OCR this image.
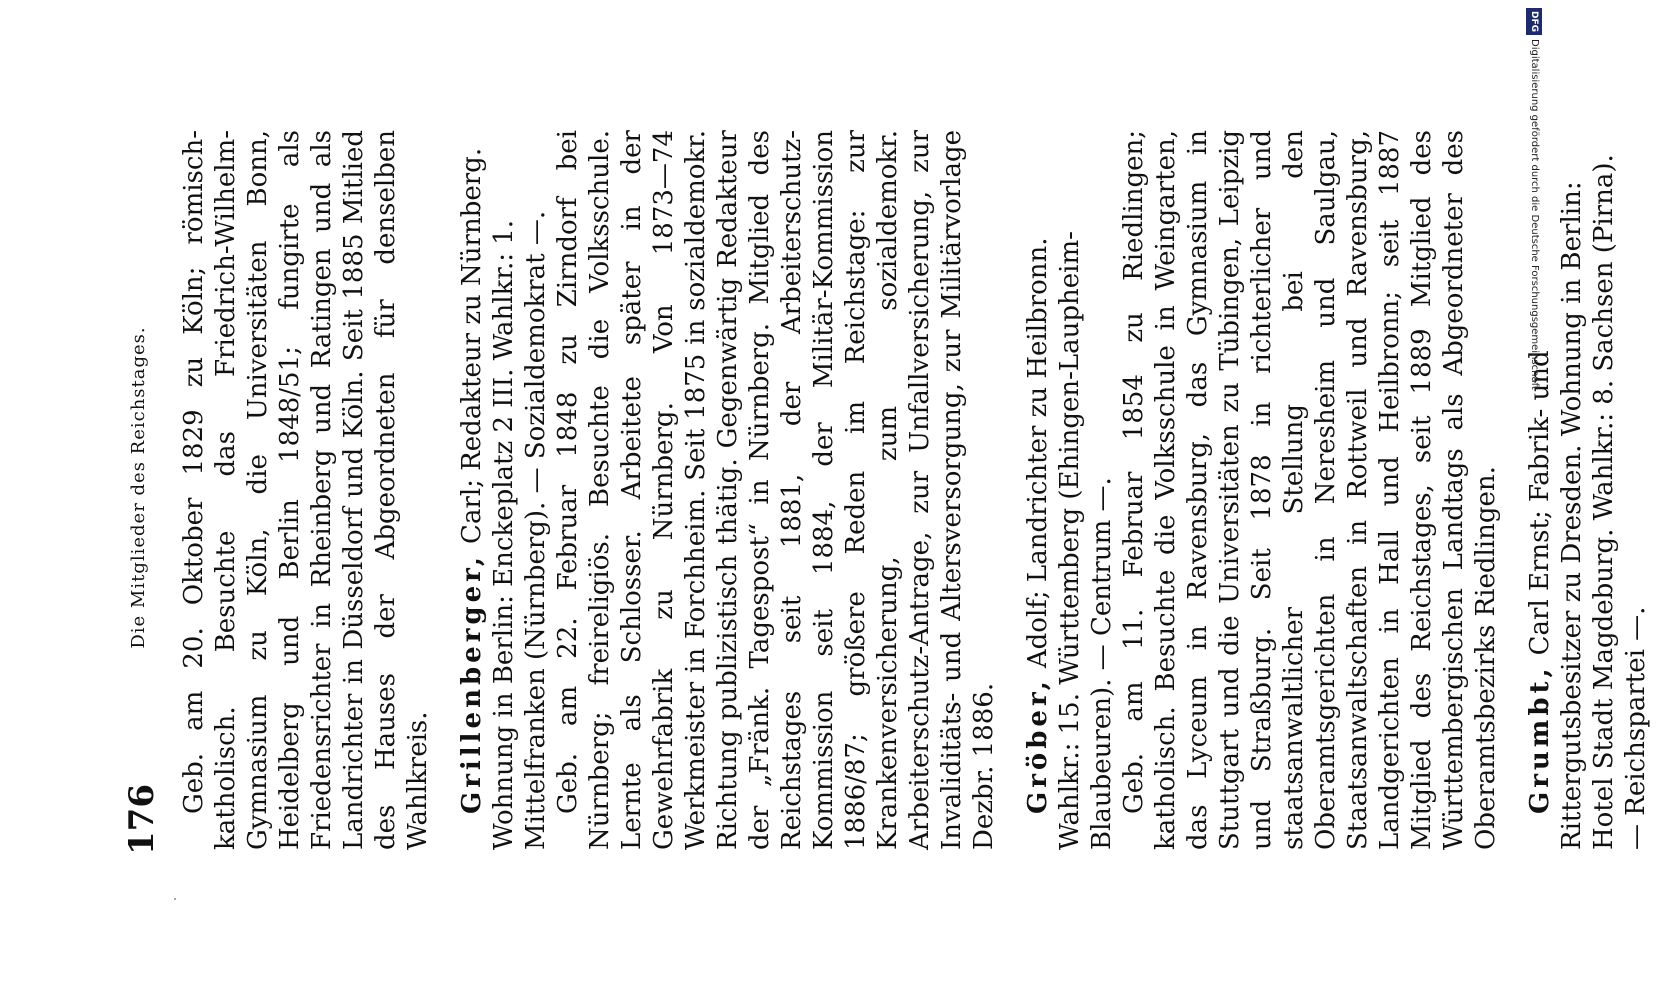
176
Die Mitglieder des Reichstages. Geb. am 20. Oktober 1829 zu Köln; römisch-katholisch. Besuchte das Friedrich-Wilhelm-Gymnasium zu Köln, die Universitäten Bonn, Heidelberg und Berlin 1848/51; fungirte als Friedensrichter in Rheinberg und Ratingen und als Landrichter in Düsseldorf und Köln. Seit 1885 Mitlied des Hauses der Abgeordneten für denselben Wahlkreis. Grillenberger, Carl; Redakteur zu Nürnberg. Wohnung in Berlin: Enckeplatz 2 III. Wahlkr.: 1. Mittelfranken (Nürnberg). — Sozialdemokrat —. Geb. am 22. Februar 1848 zu Zirndorf bei Nürnberg; freireligiös. Besuchte die Volksschule. Lernte als Schlosser. Arbeitete später in der Gewehrfabrik zu Nürnberg. Von 1873—74 Werkmeister in Forchheim. Seit 1875 in sozialdemokr. Richtung publizistisch thätig. Gegenwärtig Redakteur der „Fränk. Tagespost“ in Nürnberg. Mitglied des Reichstages seit 1881, der Arbeiterschutz-Kommission seit 1884, der Militär-Kommission 1886/87; größere Reden im Reichstage: zur Krankenversicherung, zum sozialdemokr. Arbeiterschutz-Antrage, zur Unfallversicherung, zur Invaliditäts- und Altersversorgung, zur Militärvorlage Dezbr. 1886. Gröber, Adolf; Landrichter zu Heilbronn. Wahlkr.: 15. Württemberg (Ehingen-Laupheim-Blaubeuren). — Centrum —. Geb. am 11. Februar 1854 zu Riedlingen; katholisch. Besuchte die Volksschule in Weingarten, das Lyceum in Ravensburg, das Gymnasium in Stuttgart und die Universitäten zu Tübingen, Leipzig und Straßburg. Seit 1878 in richterlicher und staatsanwaltlicher Stellung bei den Oberamtsgerichten in Neresheim und Saulgau, Staatsanwaltschaften in Rottweil und Ravensburg, Landgerichten in Hall und Heilbronn; seit 1887 Mitglied des Reichstages, seit 1889 Mitglied des Württembergischen Landtags als Abgeordneter des Oberamtsbezirks Riedlingen. Grumbt, Carl Ernst; Fabrik- und Rittergutsbesitzer zu Dresden. Wohnung in Berlin: Hotel Stadt Magdeburg. Wahlkr.: 8. Sachsen (Pirna). — Reichspartei —.

DFGDigitalisierung gefördert durch die Deutsche Forschungsgemeinschaft -
